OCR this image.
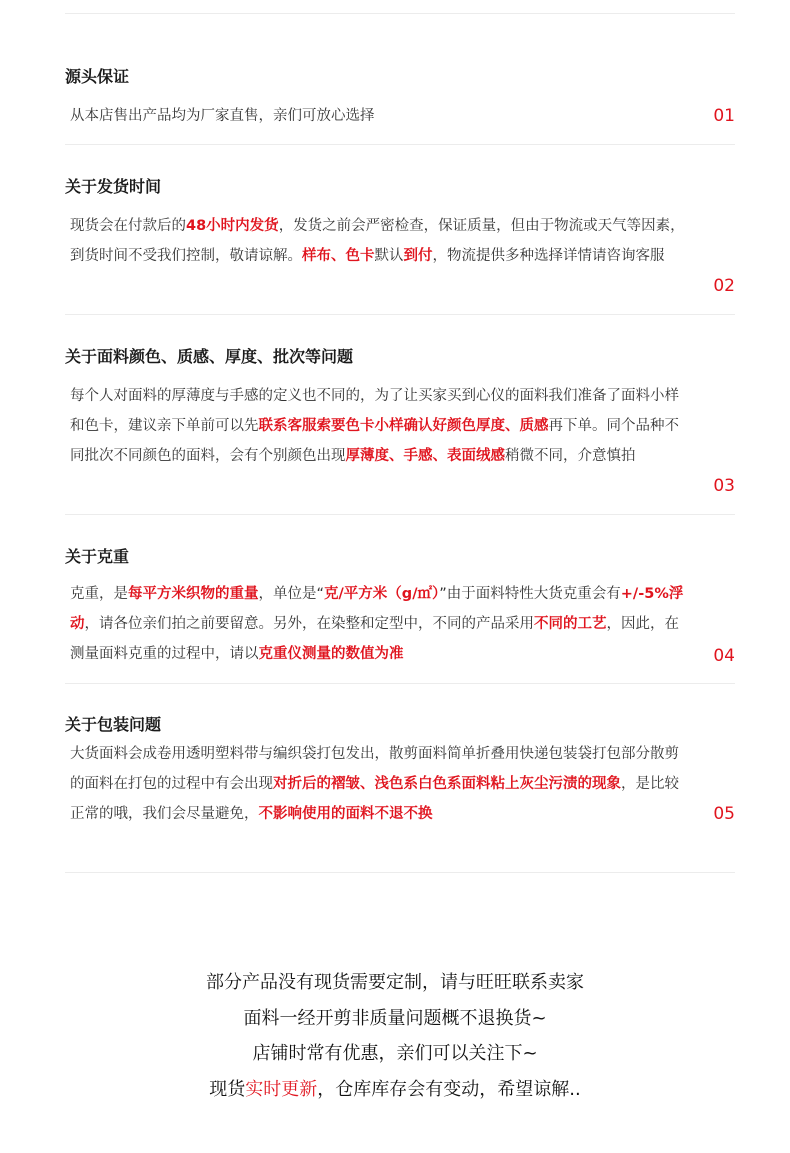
源头保证
从本店售出产品均为厂家直售，亲们可放心选择	01
关于发货时间
现货会在付款后的48小时内发货，发货之前会严密检查，保证质量，但由于物流或天气等因素，到货时间不受我们控制，敬请谅解。样布、色卡默认到付，物流提供多种选择详情请咨询客服
02
关于面料颜色、质感、厚度、批次等问题
每个人对面料的厚薄度与手感的定义也不同的，为了让买家买到心仪的面料我们准备了面料小样和色卡，建议亲下单前可以先联系客服索要色卡小样确认好颜色厚度、质感再下单。同个品种不同批次不同颜色的面料，会有个别颜色出现厚薄度、手感、表面绒感稍微不同，介意慎拍
03
关于克重
克重，是每平方米织物的重量，单位是“克/平方米（g/㎡）”由于面料特性大货克重会有+/-5%浮动，请各位亲们拍之前要留意。另外，在染整和定型中，不同的产品采用不同的工艺，因此，在测量面料克重的过程中，请以克重仪测量的数值为准	04
关于包装问题
大货面料会成卷用透明塑料带与编织袋打包发出，散剪面料简单折叠用快递包装袋打包部分散剪的面料在打包的过程中有会出现对折后的褶皱、浅色系白色系面料粘上灰尘污渍的现象，是比较正常的哦，我们会尽量避免，不影响使用的面料不退不换	05
部分产品没有现货需要定制，请与旺旺联系卖家
面料一经开剪非质量问题概不退换货~
店铺时常有优惠，亲们可以关注下~
现货实时更新，仓库库存会有变动，希望谅解..
